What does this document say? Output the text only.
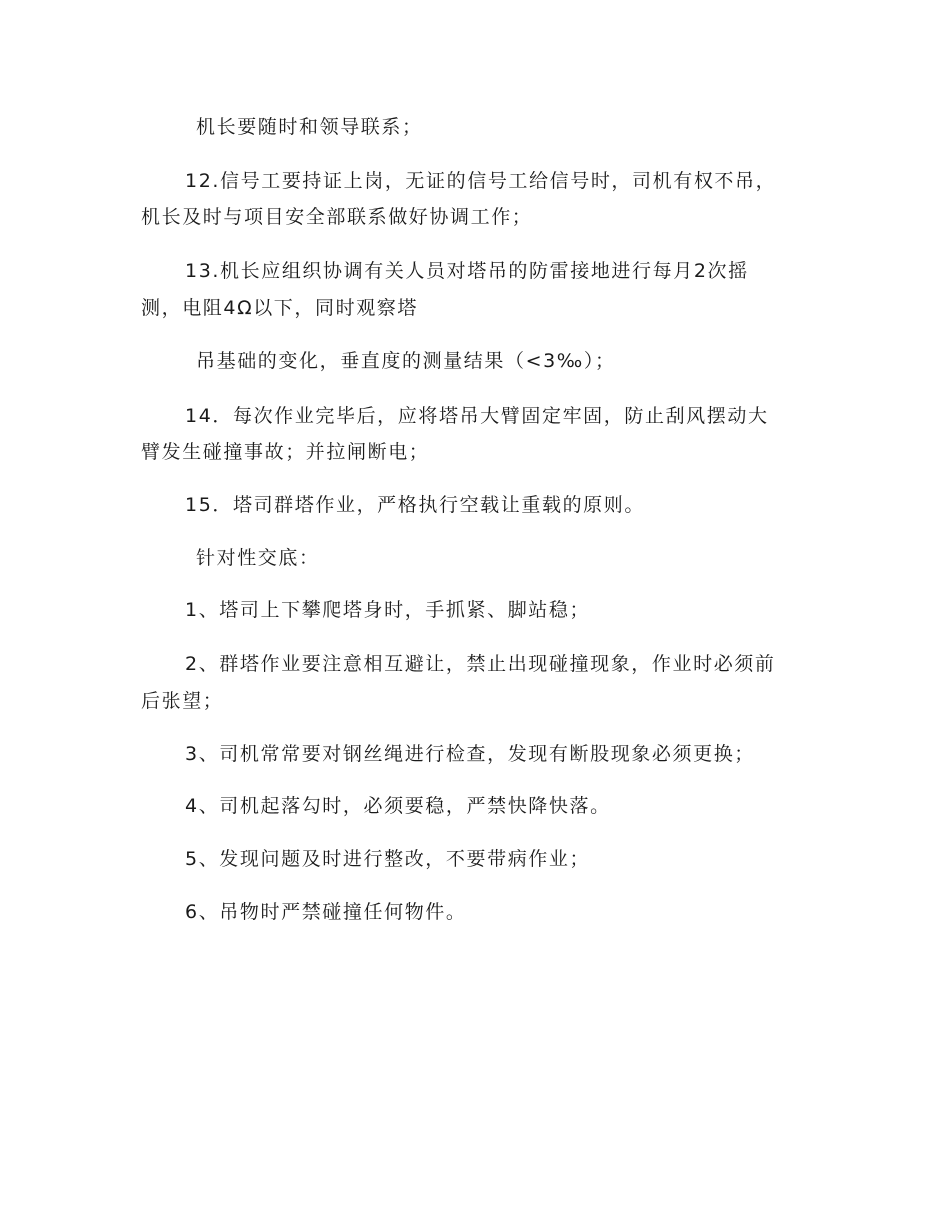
机长要随时和领导联系；
12.信号工要持证上岗，无证的信号工给信号时，司机有权不吊，
机长及时与项目安全部联系做好协调工作；
13.机长应组织协调有关人员对塔吊的防雷接地进行每月2次摇
测，电阻4Ω以下，同时观察塔
吊基础的变化，垂直度的测量结果（<3‰）；
14．每次作业完毕后，应将塔吊大臂固定牢固，防止刮风摆动大
臂发生碰撞事故；并拉闸断电；
15．塔司群塔作业，严格执行空载让重载的原则。
针对性交底：
1、塔司上下攀爬塔身时，手抓紧、脚站稳；
2、群塔作业要注意相互避让，禁止出现碰撞现象，作业时必须前
后张望；
3、司机常常要对钢丝绳进行检查，发现有断股现象必须更换；
4、司机起落勾时，必须要稳，严禁快降快落。
5、发现问题及时进行整改，不要带病作业；
6、吊物时严禁碰撞任何物件。
